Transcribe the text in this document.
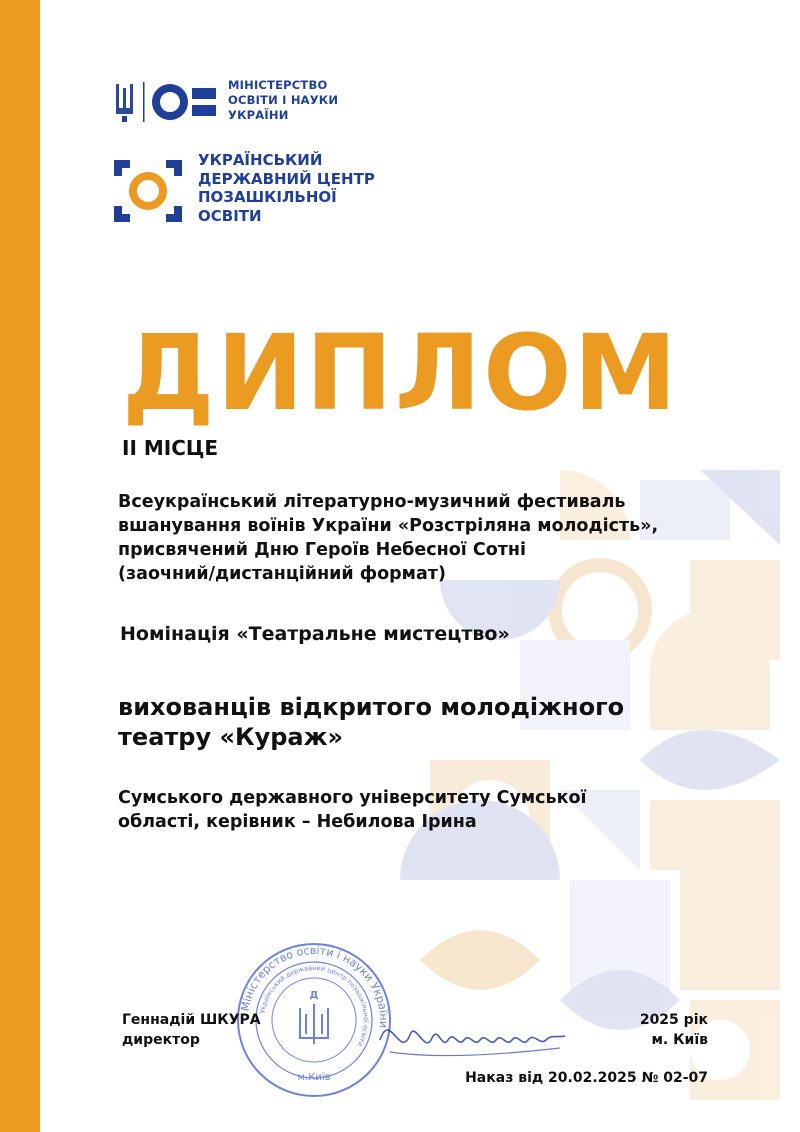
МІНІСТЕРСТВО
ОСВІТИ І НАУКИ
УКРАЇНИ
УКРАЇНСЬКИЙ
ДЕРЖАВНИЙ ЦЕНТР
ПОЗАШКІЛЬНОЇ
ОСВІТИ
ДИПЛОМ
ІІ МІСЦЕ
Всеукраїнський літературно-музичний фестиваль
вшанування воїнів України «Розстріляна молодість»,
присвячений Дню Героїв Небесної Сотні
(заочний/дистанційний формат)
Номінація «Театральне мистецтво»
вихованців відкритого молодіжного
театру «Кураж»
Сумського державного університету Сумської
області, керівник – Небилова Ірина
Міністерство освіти і науки України
Український державний центр позашкільної освіти
м.Київ
Д
Геннадій ШКУРА
директор
2025 рік
м. Київ
Наказ від 20.02.2025 № 02-07
